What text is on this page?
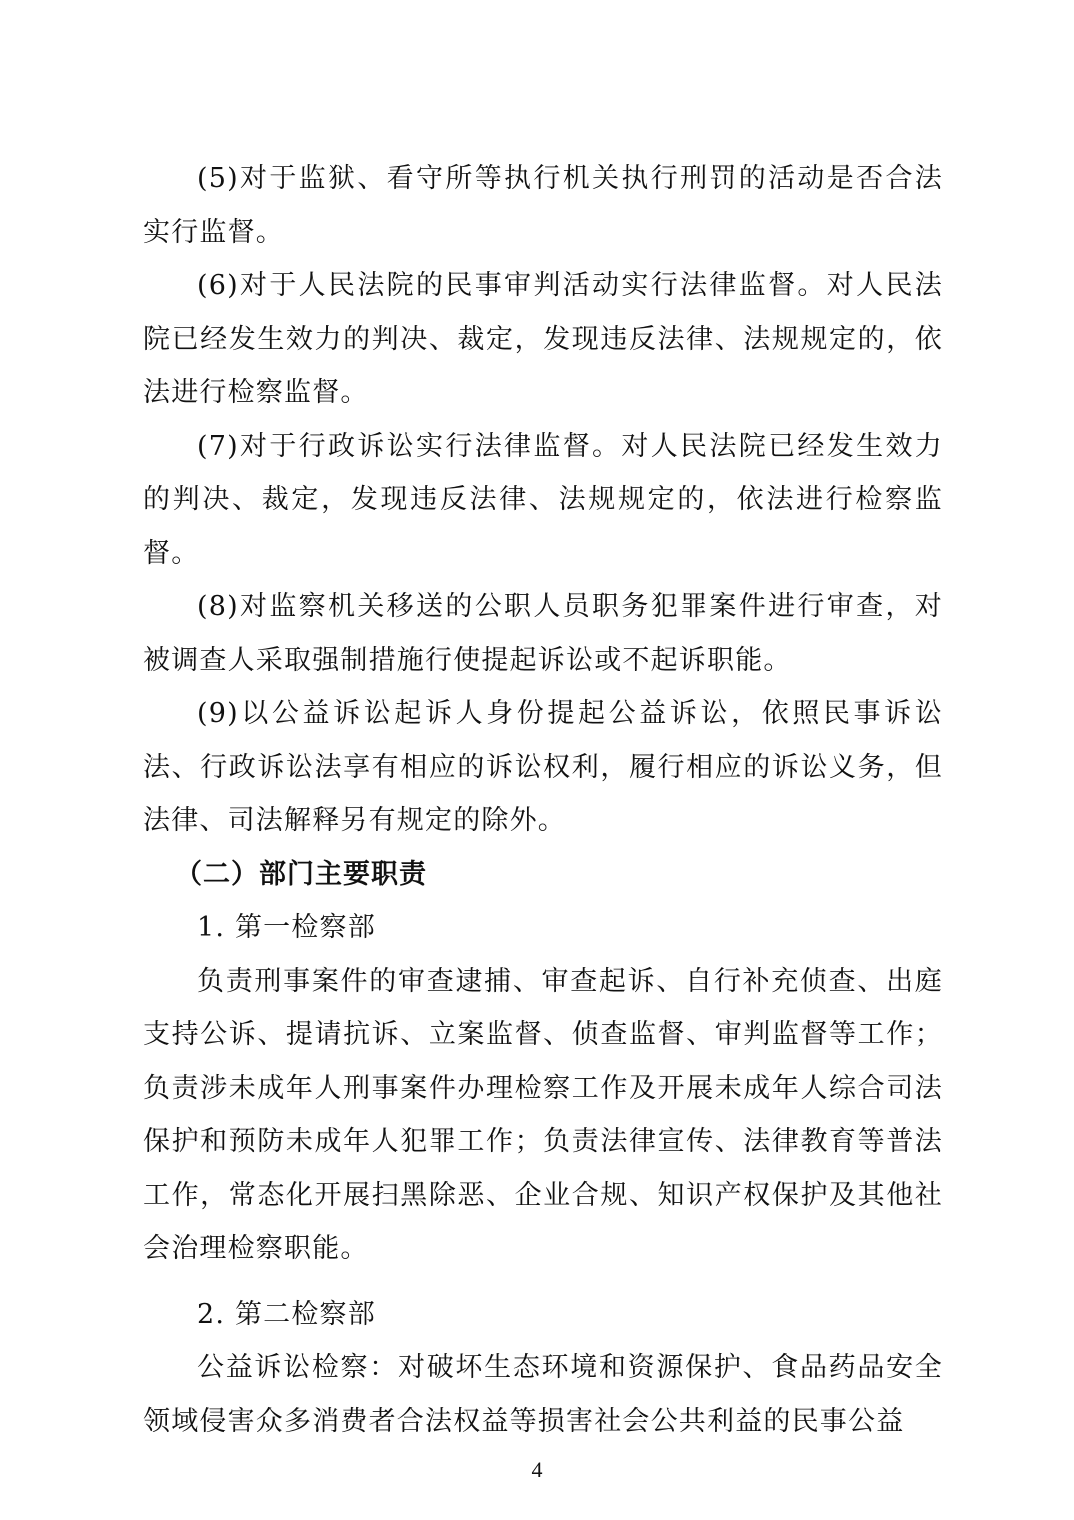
(5)对于监狱、看守所等执行机关执行刑罚的活动是否合法实行监督。

(6)对于人民法院的民事审判活动实行法律监督。对人民法院已经发生效力的判决、裁定，发现违反法律、法规规定的，依法进行检察监督。

(7)对于行政诉讼实行法律监督。对人民法院已经发生效力的判决、裁定，发现违反法律、法规规定的，依法进行检察监督。

(8)对监察机关移送的公职人员职务犯罪案件进行审查，对被调查人采取强制措施行使提起诉讼或不起诉职能。

(9)以公益诉讼起诉人身份提起公益诉讼，依照民事诉讼法、行政诉讼法享有相应的诉讼权利，履行相应的诉讼义务，但法律、司法解释另有规定的除外。

（二）部门主要职责

1. 第一检察部

负责刑事案件的审查逮捕、审查起诉、自行补充侦查、出庭支持公诉、提请抗诉、立案监督、侦查监督、审判监督等工作；负责涉未成年人刑事案件办理检察工作及开展未成年人综合司法保护和预防未成年人犯罪工作；负责法律宣传、法律教育等普法工作，常态化开展扫黑除恶、企业合规、知识产权保护及其他社会治理检察职能。

2. 第二检察部

公益诉讼检察：对破坏生态环境和资源保护、食品药品安全领域侵害众多消费者合法权益等损害社会公共利益的民事公益

4
